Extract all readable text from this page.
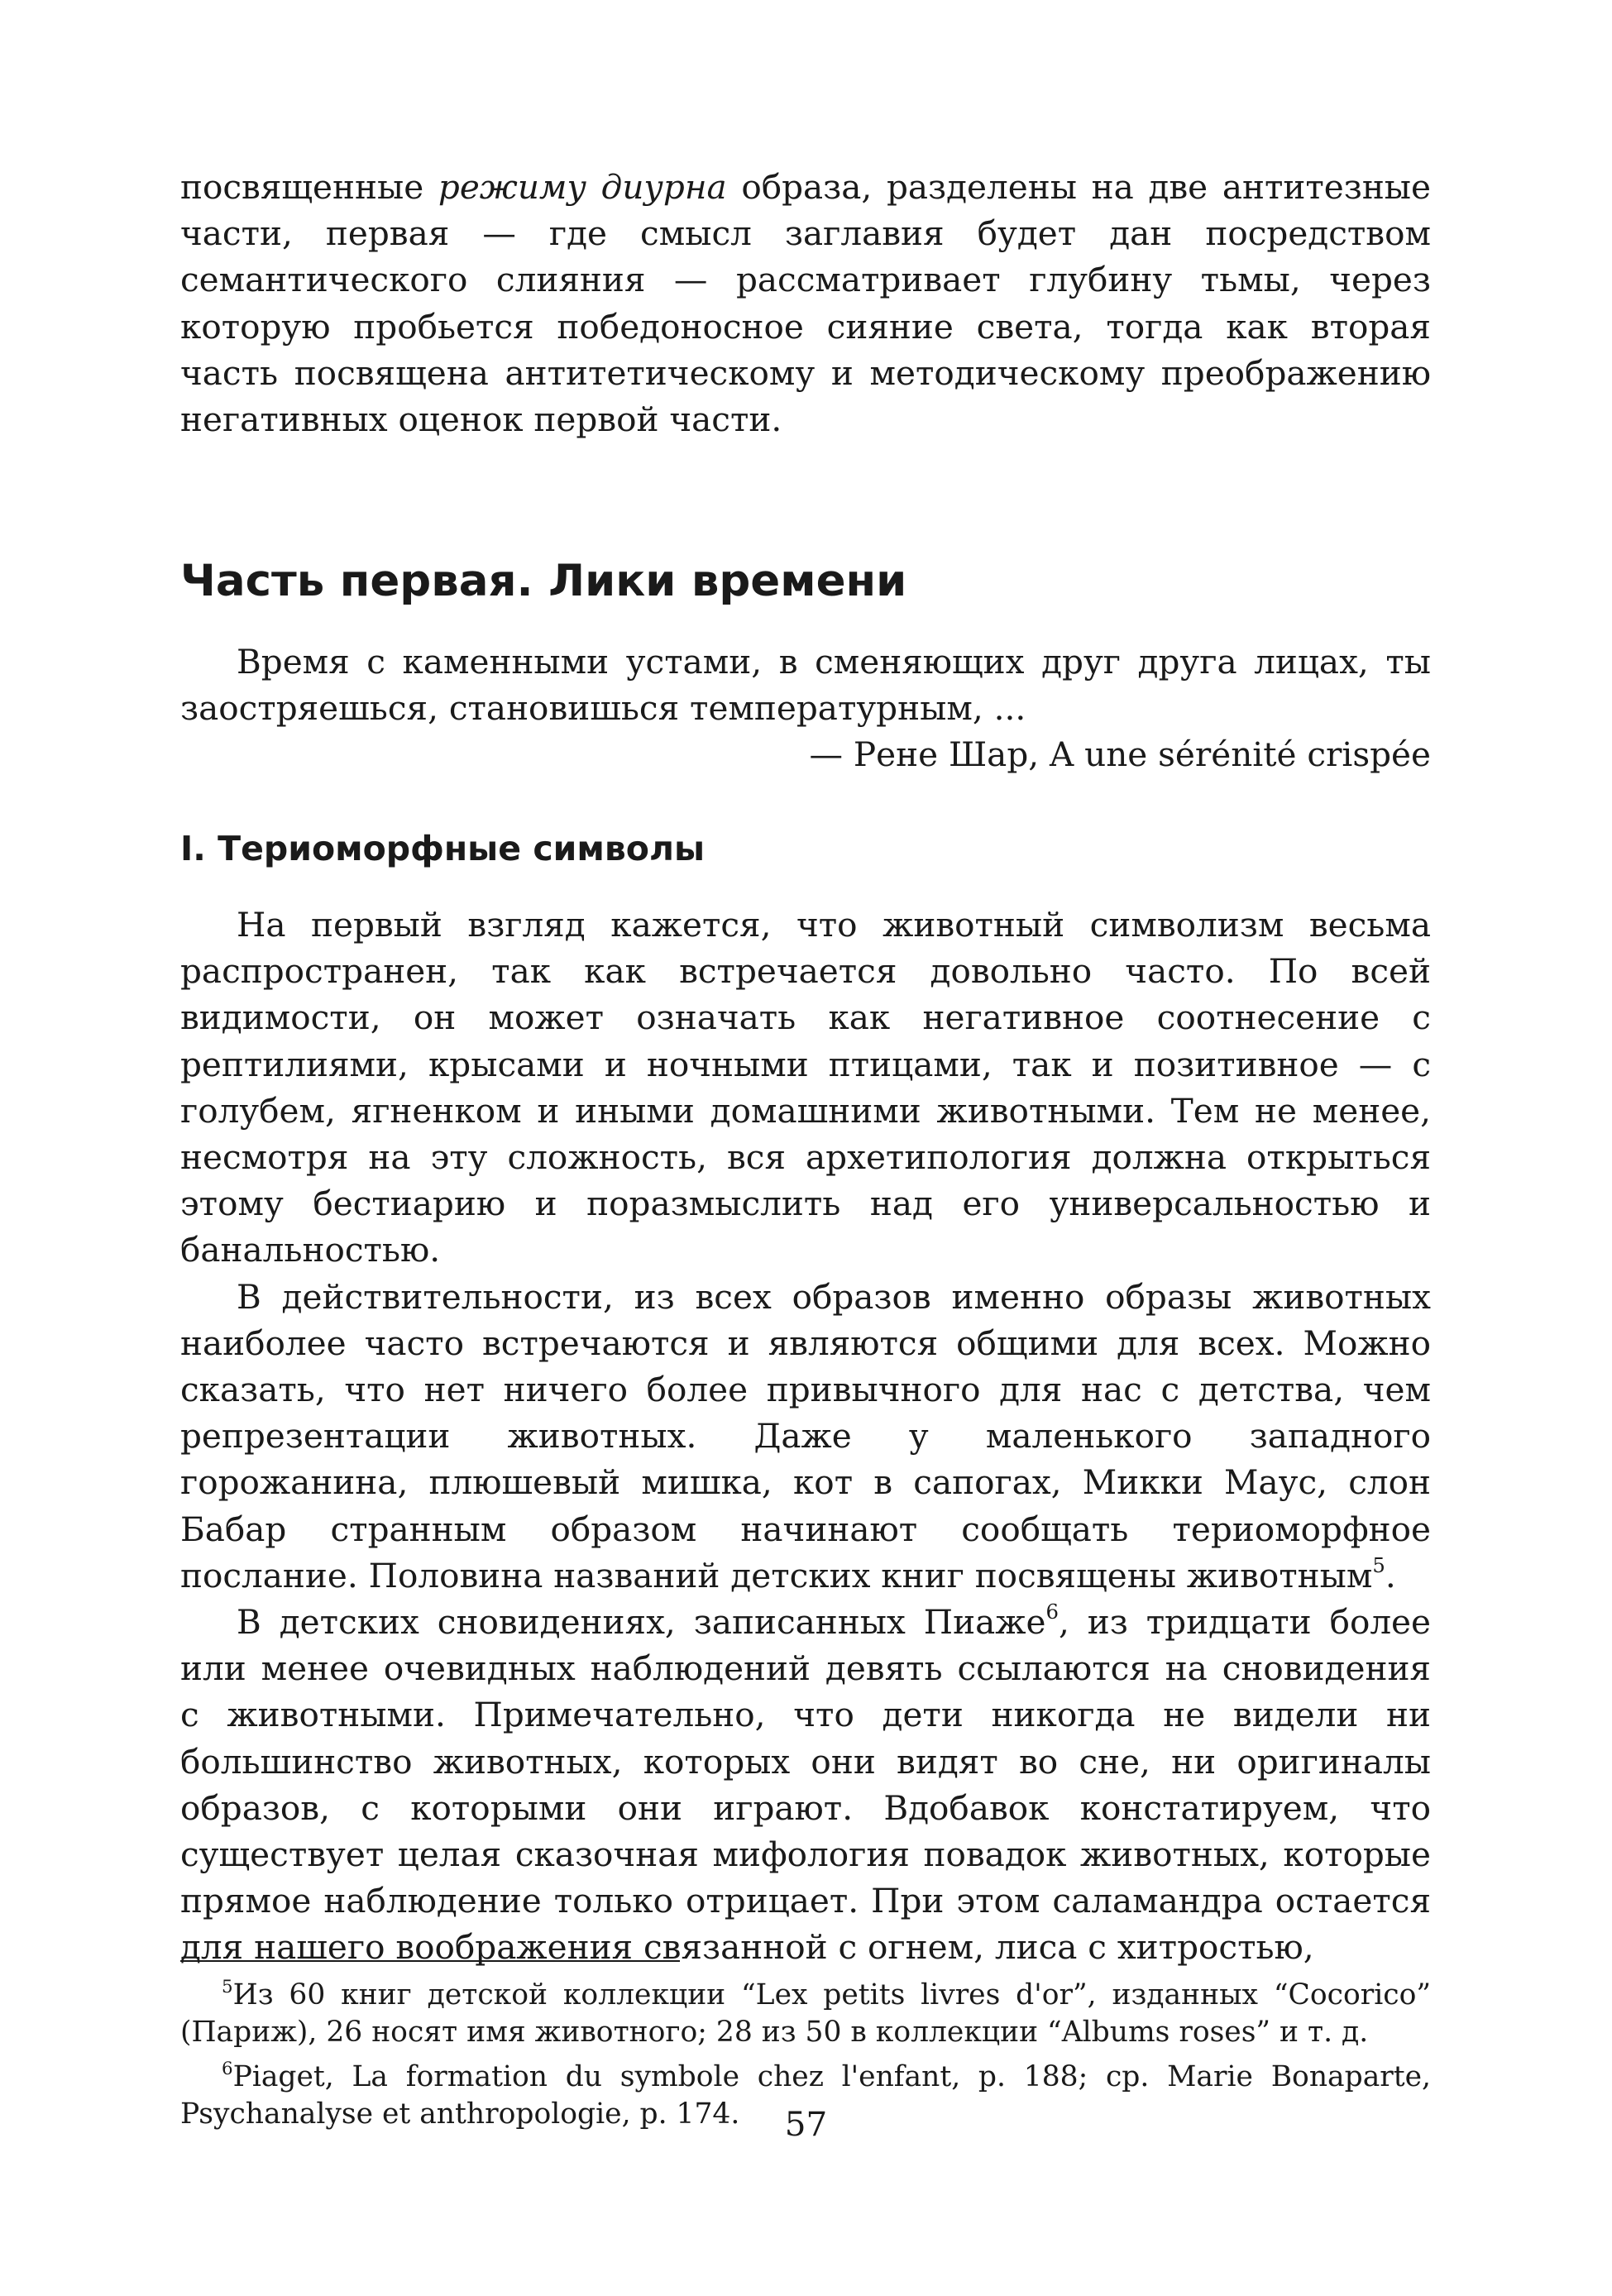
посвященные режиму диурна образа, разделены на две антитезные части, первая — где смысл заглавия будет дан посредством семантического слияния — рассматривает глубину тьмы, через которую пробьется победоносное сияние света, тогда как вторая часть посвящена антитетическому и методическому преображению негативных оценок первой части.

Часть первая. Лики времени

Время с каменными устами, в сменяющих друг друга лицах, ты заостряешься, становишься температурным, ...

— Рене Шар, A une sérénité crispée

I. Териоморфные символы

На первый взгляд кажется, что животный символизм весьма распространен, так как встречается довольно часто. По всей видимости, он может означать как негативное соотнесение с рептилиями, крысами и ночными птицами, так и позитивное — с голубем, ягненком и иными домашними животными. Тем не менее, несмотря на эту сложность, вся архетипология должна открыться этому бестиарию и поразмыслить над его универсальностью и банальностью.

В действительности, из всех образов именно образы животных наиболее часто встречаются и являются общими для всех. Можно сказать, что нет ничего более привычного для нас с детства, чем репрезентации животных. Даже у маленького западного горожанина, плюшевый мишка, кот в сапогах, Микки Маус, слон Бабар странным образом начинают сообщать териоморфное послание. Половина названий детских книг посвящены животным$^5$.

В детских сновидениях, записанных Пиаже$^6$, из тридцати более или менее очевидных наблюдений девять ссылаются на сновидения с животными. Примечательно, что дети никогда не видели ни большинство животных, которых они видят во сне, ни оригиналы образов, с которыми они играют. Вдобавок констатируем, что существует целая сказочная мифология повадок животных, которые прямое наблюдение только отрицает. При этом саламандра остается для нашего воображения связанной с огнем, лиса с хитростью,

$^5$Из 60 книг детской коллекции “Lex petits livres d'or”, изданных “Cocorico” (Париж), 26 носят имя животного; 28 из 50 в коллекции “Albums roses” и т. д.

$^6$Piaget, La formation du symbole chez l'enfant, p. 188; cp. Marie Bonaparte, Psychanalyse et anthropologie, p. 174.	57
